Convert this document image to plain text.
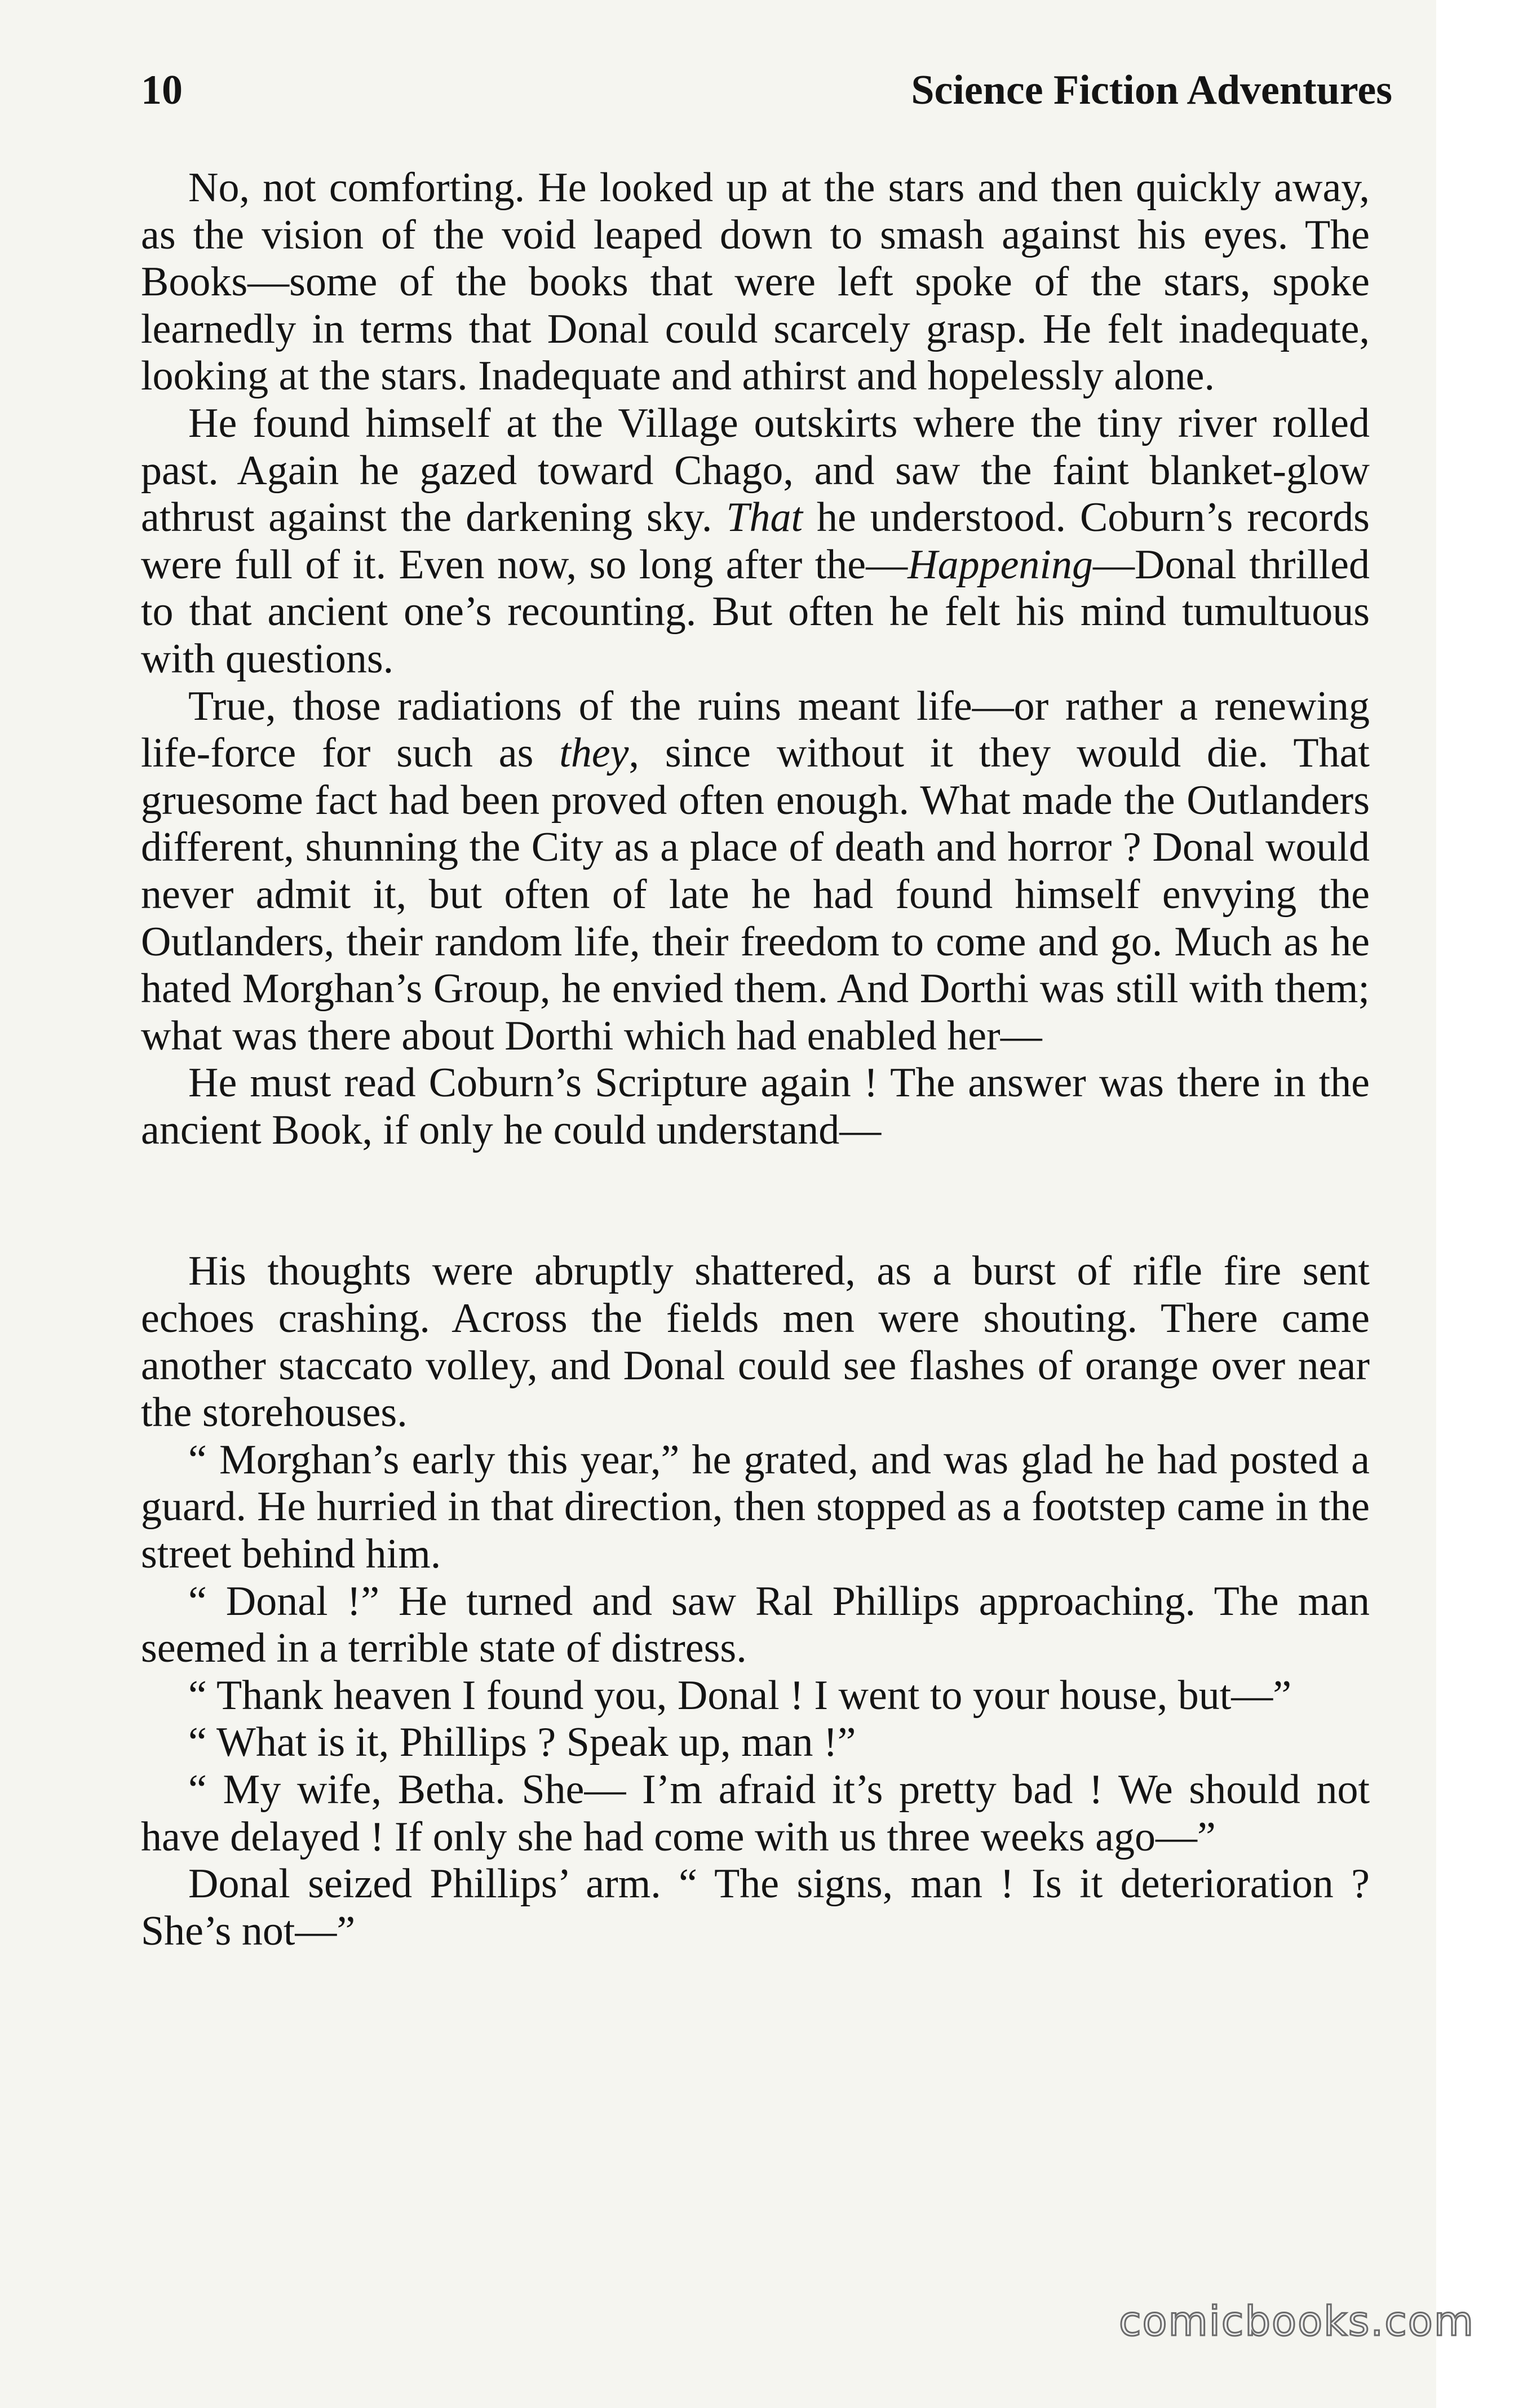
10	Science Fiction Adventures

No, not comforting. He looked up at the stars and then quickly away, as the vision of the void leaped down to smash against his eyes. The Books—some of the books that were left spoke of the stars, spoke learnedly in terms that Donal could scarcely grasp. He felt inadequate, looking at the stars. Inadequate and athirst and hopelessly alone.

He found himself at the Village outskirts where the tiny river rolled past. Again he gazed toward Chago, and saw the faint blanket-glow athrust against the darkening sky. That he understood. Coburn’s records were full of it. Even now, so long after the—Happening—Donal thrilled to that ancient one’s recounting. But often he felt his mind tumultuous with questions.

True, those radiations of the ruins meant life—or rather a renewing life-force for such as they, since without it they would die. That gruesome fact had been proved often enough. What made the Outlanders different, shunning the City as a place of death and horror ? Donal would never admit it, but often of late he had found himself envying the Outlanders, their random life, their freedom to come and go. Much as he hated Morghan’s Group, he envied them. And Dorthi was still with them; what was there about Dorthi which had enabled her—

He must read Coburn’s Scripture again ! The answer was there in the ancient Book, if only he could understand—

His thoughts were abruptly shattered, as a burst of rifle fire sent echoes crashing. Across the fields men were shouting. There came another staccato volley, and Donal could see flashes of orange over near the storehouses.

“ Morghan’s early this year,” he grated, and was glad he had posted a guard. He hurried in that direction, then stopped as a footstep came in the street behind him.

“ Donal !” He turned and saw Ral Phillips approaching. The man seemed in a terrible state of distress.

“ Thank heaven I found you, Donal ! I went to your house, but—”

“ What is it, Phillips ? Speak up, man !”

“ My wife, Betha. She— I’m afraid it’s pretty bad ! We should not have delayed ! If only she had come with us three weeks ago—”

Donal seized Phillips’ arm. “ The signs, man ! Is it deterioration ? She’s not—”

comicbooks.com
